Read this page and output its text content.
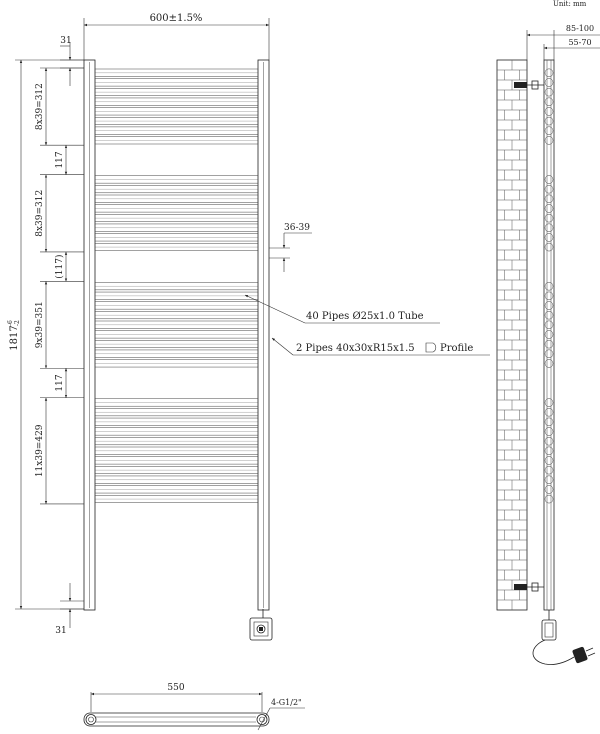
Unit: mm
600±1.5%
1817
-6 -2
31
8x39=312
8x39=312
9x39=351
11x39=429
117
(117)
117
31
36-39
40 Pipes Ø25x1.0 Tube
2 Pipes 40x30xR15x1.5	Profile
85-100
55-70
550
4-G1/2"
